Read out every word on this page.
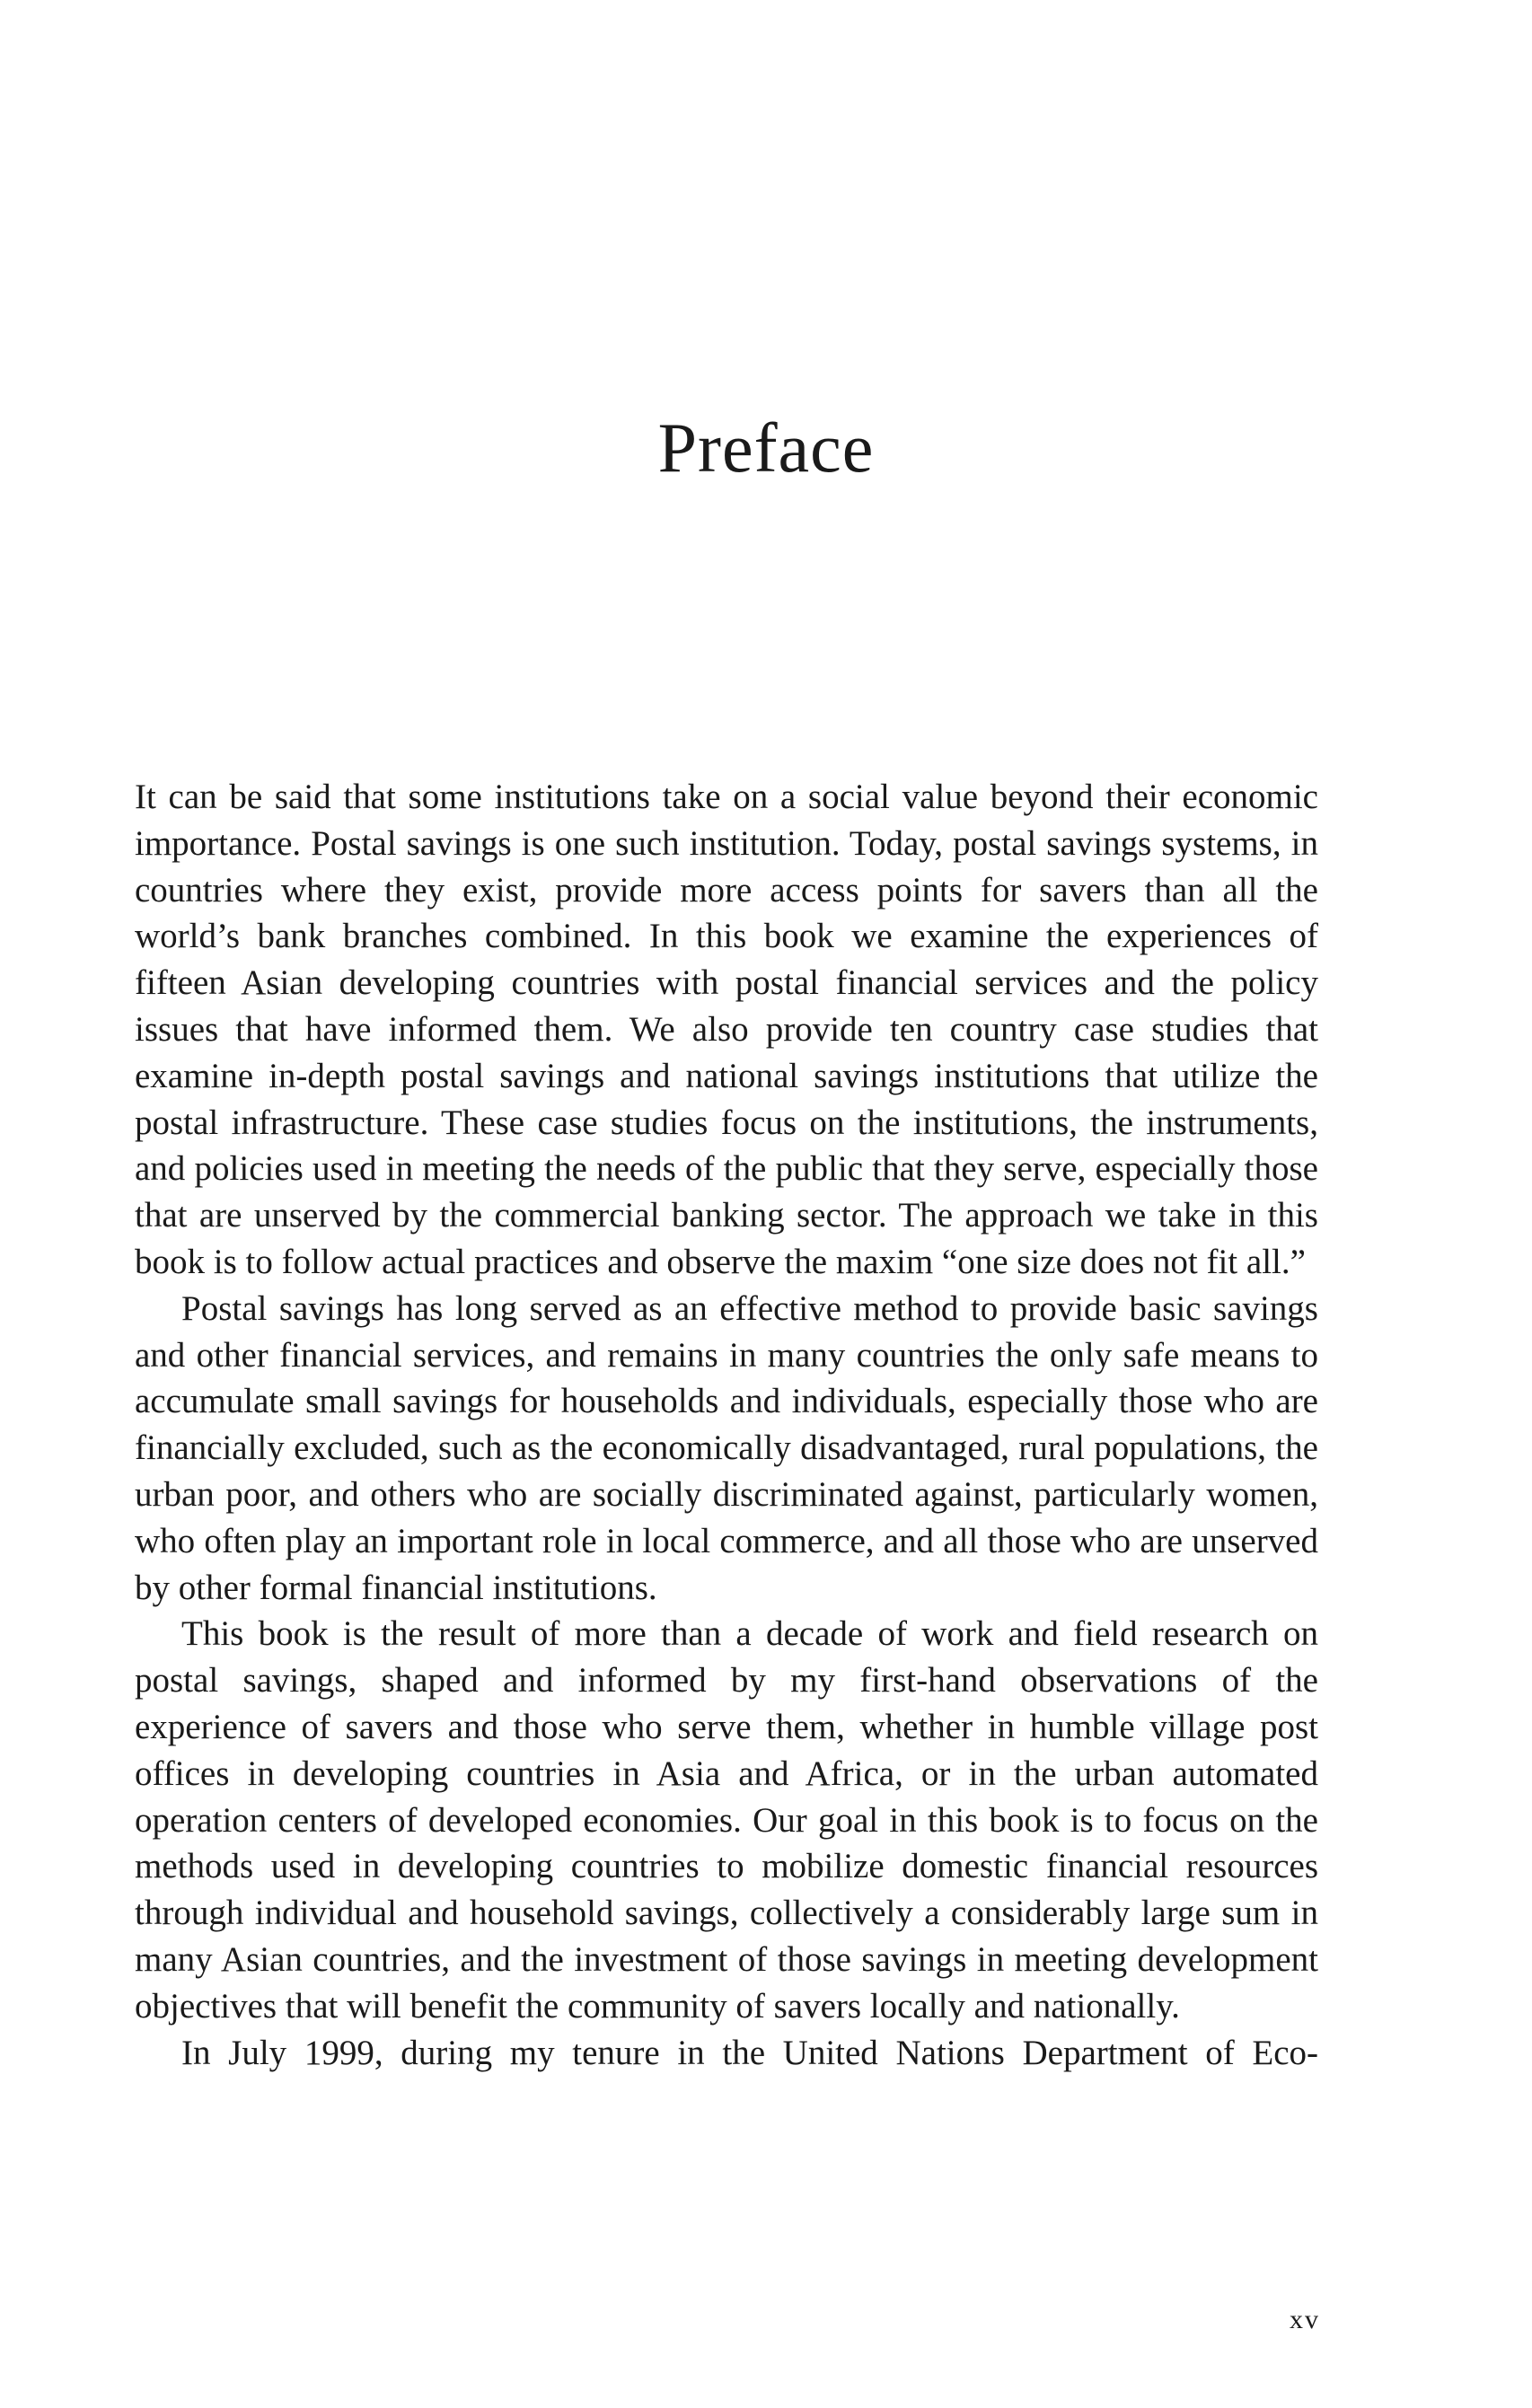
Preface

It can be said that some institutions take on a social value beyond their economic importance. Postal savings is one such institution. Today, postal savings systems, in countries where they exist, provide more access points for savers than all the world’s bank branches combined. In this book we examine the experiences of fifteen Asian developing countries with postal financial services and the policy issues that have informed them. We also provide ten country case studies that examine in-depth postal savings and national savings institutions that utilize the postal infrastructure. These case studies focus on the institutions, the instruments, and policies used in meeting the needs of the public that they serve, especially those that are unserved by the commercial banking sector. The approach we take in this book is to follow actual practices and observe the maxim “one size does not fit all.”

Postal savings has long served as an effective method to provide basic savings and other financial services, and remains in many countries the only safe means to accumulate small savings for households and individuals, especially those who are financially excluded, such as the economically disadvantaged, rural populations, the urban poor, and others who are socially discriminated against, particularly women, who often play an important role in local commerce, and all those who are unserved by other formal financial institutions.

This book is the result of more than a decade of work and field research on postal savings, shaped and informed by my first-hand observations of the experience of savers and those who serve them, whether in humble village post offices in developing countries in Asia and Africa, or in the urban automated operation centers of developed economies. Our goal in this book is to focus on the methods used in developing countries to mobilize domestic financial resources through individual and household savings, collectively a considerably large sum in many Asian countries, and the investment of those savings in meeting development objectives that will benefit the community of savers locally and nationally.

In July 1999, during my tenure in the United Nations Department of Eco-

xv
